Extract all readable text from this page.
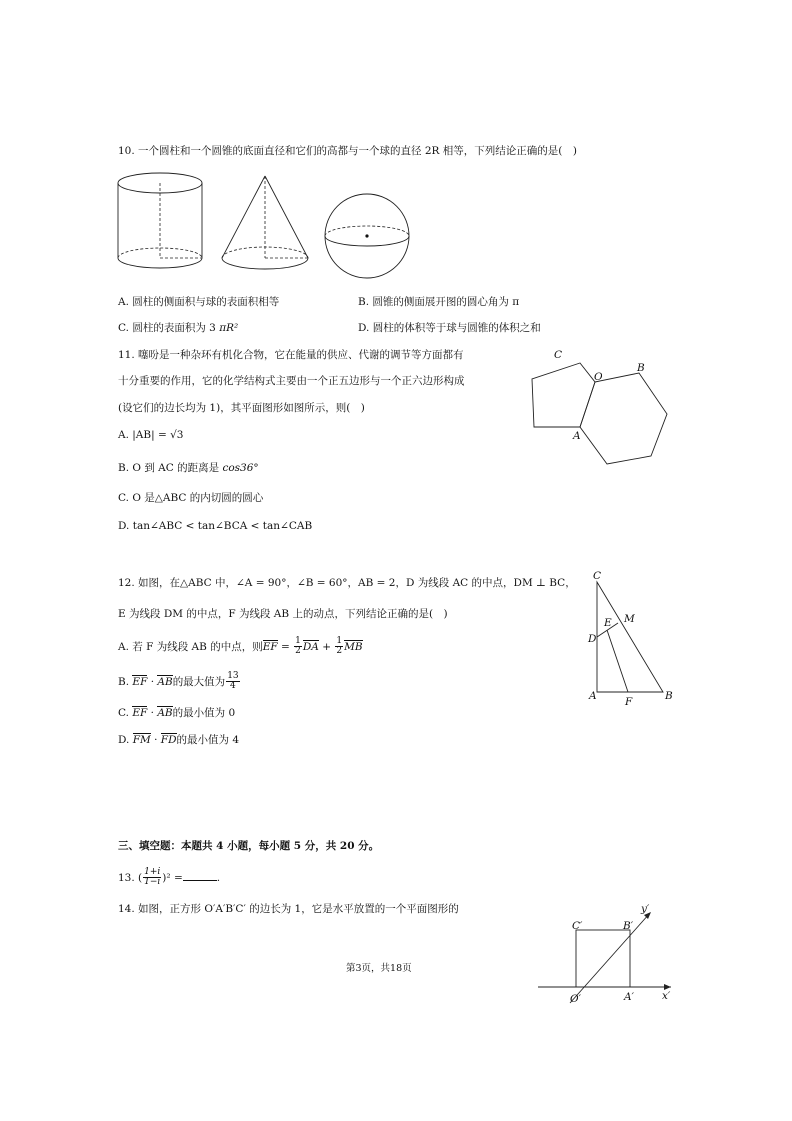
10. 一个圆柱和一个圆锥的底面直径和它们的高都与一个球的直径 2R 相等，下列结论正确的是(　)
A. 圆柱的侧面积与球的表面积相等	B. 圆锥的侧面展开图的圆心角为 π
C. 圆柱的表面积为 3 πR²	D. 圆柱的体积等于球与圆锥的体积之和
11. 噻吩是一种杂环有机化合物，它在能量的供应、代谢的调节等方面都有
十分重要的作用，它的化学结构式主要由一个正五边形与一个正六边形构成
(设它们的边长均为 1)，其平面图形如图所示，则(　)
A. |AB| = √3
B. O 到 AC 的距离是 cos36°
C. O 是△ABC 的内切圆的圆心
D. tan∠ABC < tan∠BCA < tan∠CAB
C
O
B
A
12. 如图，在△ABC 中，∠A = 90°，∠B = 60°，AB = 2，D 为线段 AC 的中点，DM ⊥ BC，
E 为线段 DM 的中点，F 为线段 AB 上的动点，下列结论正确的是(　)
A. 若 F 为线段 AB 的中点，则EF = $\frac{1}{2}$ DA + $\frac{1}{2}$ MB
B. EF · AB的最大值为 $\frac{13}{4}$
C. EF · AB的最小值为 0
D. FM · FD的最小值为 4
C
M
E
D
A	F	B
三、填空题：本题共 4 小题，每小题 5 分，共 20 分。
13. ( $\frac{1+i}{1-i} )^2$ =	.
14. 如图，正方形 O′A′B′C′ 的边长为 1，它是水平放置的一个平面图形的
C′	B′
y′
O′	A′	x′
第3页，共18页
